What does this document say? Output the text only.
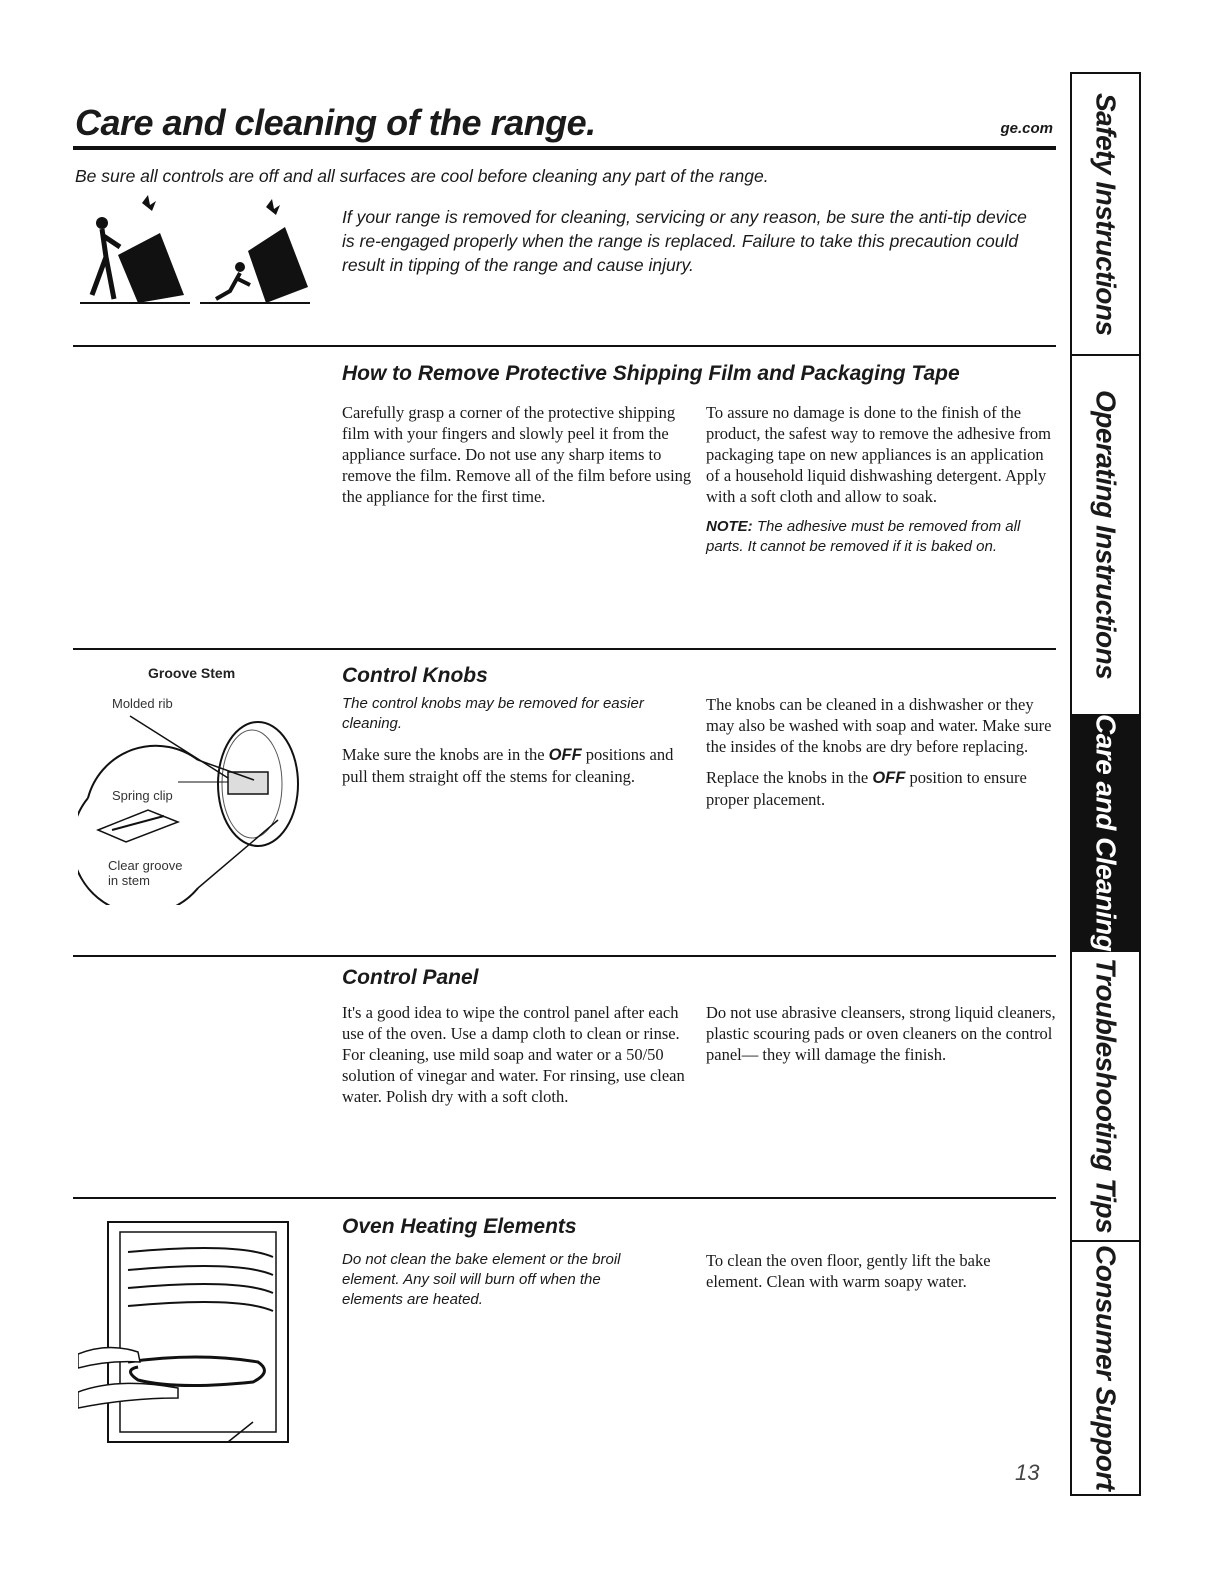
Care and cleaning of the range.	ge.com
Be sure all controls are off and all surfaces are cool before cleaning any part of the range.
If your range is removed for cleaning, servicing or any reason, be sure the anti-tip device is re-engaged properly when the range is replaced. Failure to take this precaution could result in tipping of the range and cause injury.
How to Remove Protective Shipping Film and Packaging Tape

Carefully grasp a corner of the protective shipping film with your fingers and slowly peel it from the appliance surface. Do not use any sharp items to remove the film. Remove all of the film before using the appliance for the first time.

To assure no damage is done to the finish of the product, the safest way to remove the adhesive from packaging tape on new appliances is an application of a household liquid dishwashing detergent. Apply with a soft cloth and allow to soak.

NOTE: The adhesive must be removed from all parts. It cannot be removed if it is baked on.

Groove Stem
Molded rib
Spring clip
Clear groove
in stem
Control Knobs

The control knobs may be removed for easier cleaning.

Make sure the knobs are in the OFF positions and pull them straight off the stems for cleaning.

The knobs can be cleaned in a dishwasher or they may also be washed with soap and water. Make sure the insides of the knobs are dry before replacing.

Replace the knobs in the OFF position to ensure proper placement.

Control Panel

It's a good idea to wipe the control panel after each use of the oven. Use a damp cloth to clean or rinse. For cleaning, use mild soap and water or a 50/50 solution of vinegar and water. For rinsing, use clean water. Polish dry with a soft cloth.

Do not use abrasive cleansers, strong liquid cleaners, plastic scouring pads or oven cleaners on the control panel— they will damage the finish.

Oven Heating Elements

Do not clean the bake element or the broil element. Any soil will burn off when the elements are heated.

To clean the oven floor, gently lift the bake element. Clean with warm soapy water.

13
Safety Instructions
Operating Instructions
Care and Cleaning
Troubleshooting Tips
Consumer Support
